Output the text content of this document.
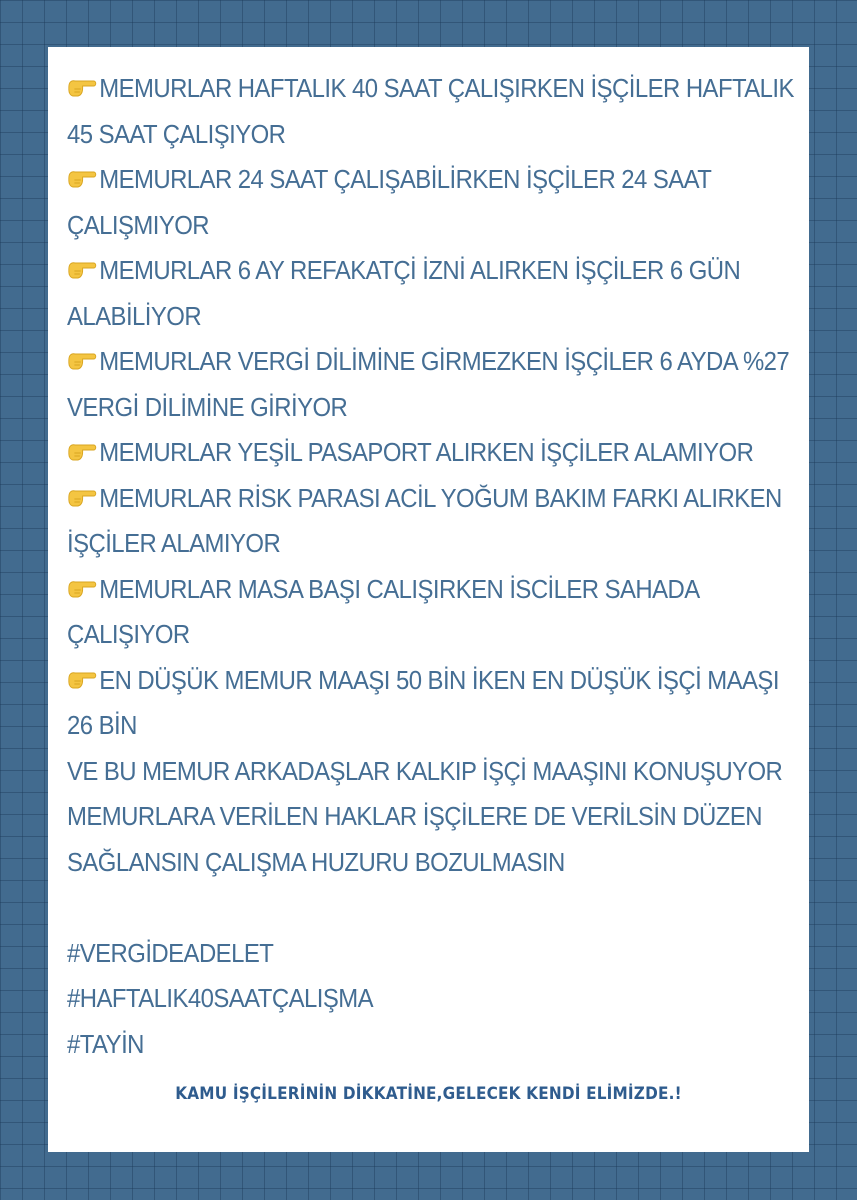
MEMURLAR HAFTALIK 40 SAAT ÇALIŞIRKEN İŞÇİLER HAFTALIK 45 SAAT ÇALIŞIYOR
MEMURLAR 24 SAAT ÇALIŞABİLİRKEN İŞÇİLER 24 SAAT ÇALIŞMIYOR
MEMURLAR 6 AY REFAKATÇİ İZNİ ALIRKEN İŞÇİLER 6 GÜN ALABİLİYOR
MEMURLAR VERGİ DİLİMİNE GİRMEZKEN İŞÇİLER 6 AYDA %27 VERGİ DİLİMİNE GİRİYOR
MEMURLAR YEŞİL PASAPORT ALIRKEN İŞÇİLER ALAMIYOR
MEMURLAR RİSK PARASI ACİL YOĞUM BAKIM FARKI ALIRKEN İŞÇİLER ALAMIYOR
MEMURLAR MASA BAŞI CALIŞIRKEN İSCİLER SAHADA ÇALIŞIYOR
EN DÜŞÜK MEMUR MAAŞI 50 BİN İKEN EN DÜŞÜK İŞÇİ MAAŞI 26 BİN
VE BU MEMUR ARKADAŞLAR KALKIP İŞÇİ MAAŞINI KONUŞUYOR
MEMURLARA VERİLEN HAKLAR İŞÇİLERE DE VERİLSİN DÜZEN SAĞLANSIN ÇALIŞMA HUZURU BOZULMASIN
#VERGİDEADELET
#HAFTALIK40SAATÇALIŞMA
#TAYİN
KAMU İŞÇİLERİNİN DİKKATİNE,GELECEK KENDİ ELİMİZDE.!
